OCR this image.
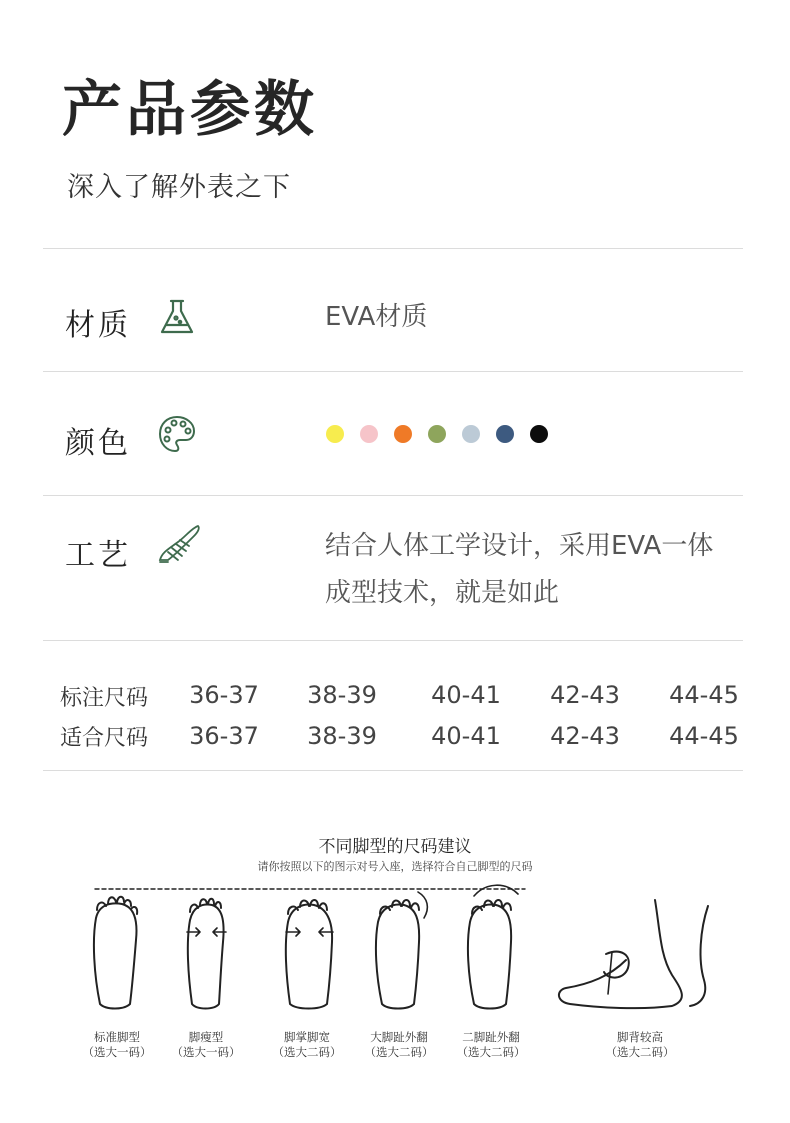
产品参数
深入了解外表之下
材质	EVA材质
颜色
工艺	结合人体工学设计，采用EVA一体
成型技术，就是如此
标注尺码	36-37	38-39	40-41	42-43	44-45
适合尺码	36-37	38-39	40-41	42-43	44-45
不同脚型的尺码建议
请你按照以下的图示对号入座，选择符合自己脚型的尺码
标准脚型
（选大一码）
脚瘦型
（选大一码）
脚掌脚宽
（选大二码）
大脚趾外翻
（选大二码）
二脚趾外翻
（选大二码）
脚背较高
（选大二码）
